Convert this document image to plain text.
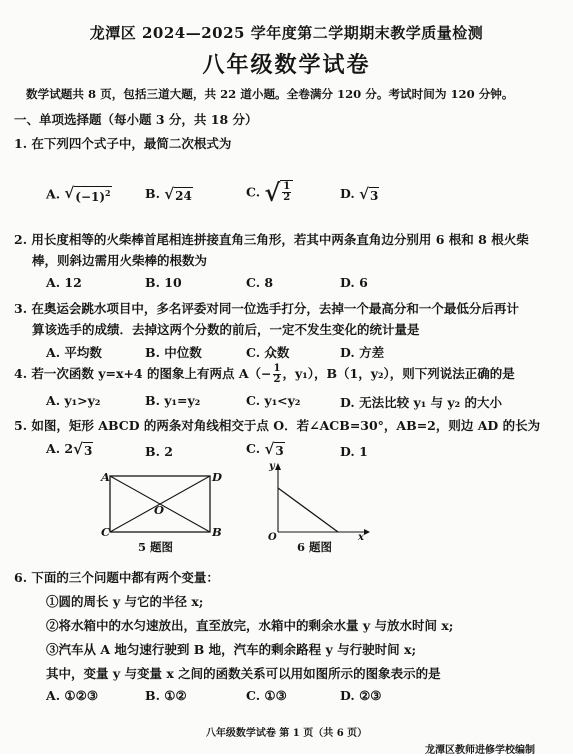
龙潭区 2024—2025 学年度第二学期期末教学质量检测
八年级数学试卷
数学试题共 8 页，包括三道大题，共 22 道小题。全卷满分 120 分。考试时间为 120 分钟。
一、单项选择题（每小题 3 分，共 18 分）
1. 在下列四个式子中，最简二次根式为
A. √ $(-1)^2$	B. √ 24	C. √ $\frac{1}{2}$	D. √ 3
2. 用长度相等的火柴棒首尾相连拼接直角三角形，若其中两条直角边分别用 6 根和 8 根火柴
棒，则斜边需用火柴棒的根数为
A. 12	B. 10	C. 8	D. 6
3. 在奥运会跳水项目中，多名评委对同一位选手打分，去掉一个最高分和一个最低分后再计
算该选手的成绩．去掉这两个分数的前后，一定不发生变化的统计量是
A. 平均数	B. 中位数	C. 众数	D. 方差
4. 若一次函数 y=x+4 的图象上有两点 $A(- \frac{1}{2}$ ，y₁），B（1，y₂），则下列说法正确的是
A. y₁>y₂	B. y₁=y₂	C. y₁<y₂	D. 无法比较 y₁ 与 y₂ 的大小
5. 如图，矩形 ABCD 的两条对角线相交于点 O．若∠ACB=30°，AB=2，则边 AD 的长为
A. 2 √ 3	B. 2	C. √ 3	D. 1
A	D
C	B
O
5 题图
y
x
O
6 题图
6. 下面的三个问题中都有两个变量：
①圆的周长 y 与它的半径 x;
②将水箱中的水匀速放出，直至放完，水箱中的剩余水量 y 与放水时间 x;
③汽车从 A 地匀速行驶到 B 地，汽车的剩余路程 y 与行驶时间 x;
其中，变量 y 与变量 x 之间的函数关系可以用如图所示的图象表示的是
A. ①②③	B. ①②	C. ①③	D. ②③
八年级数学试卷 第 1 页（共 6 页）
龙潭区教师进修学校编制
